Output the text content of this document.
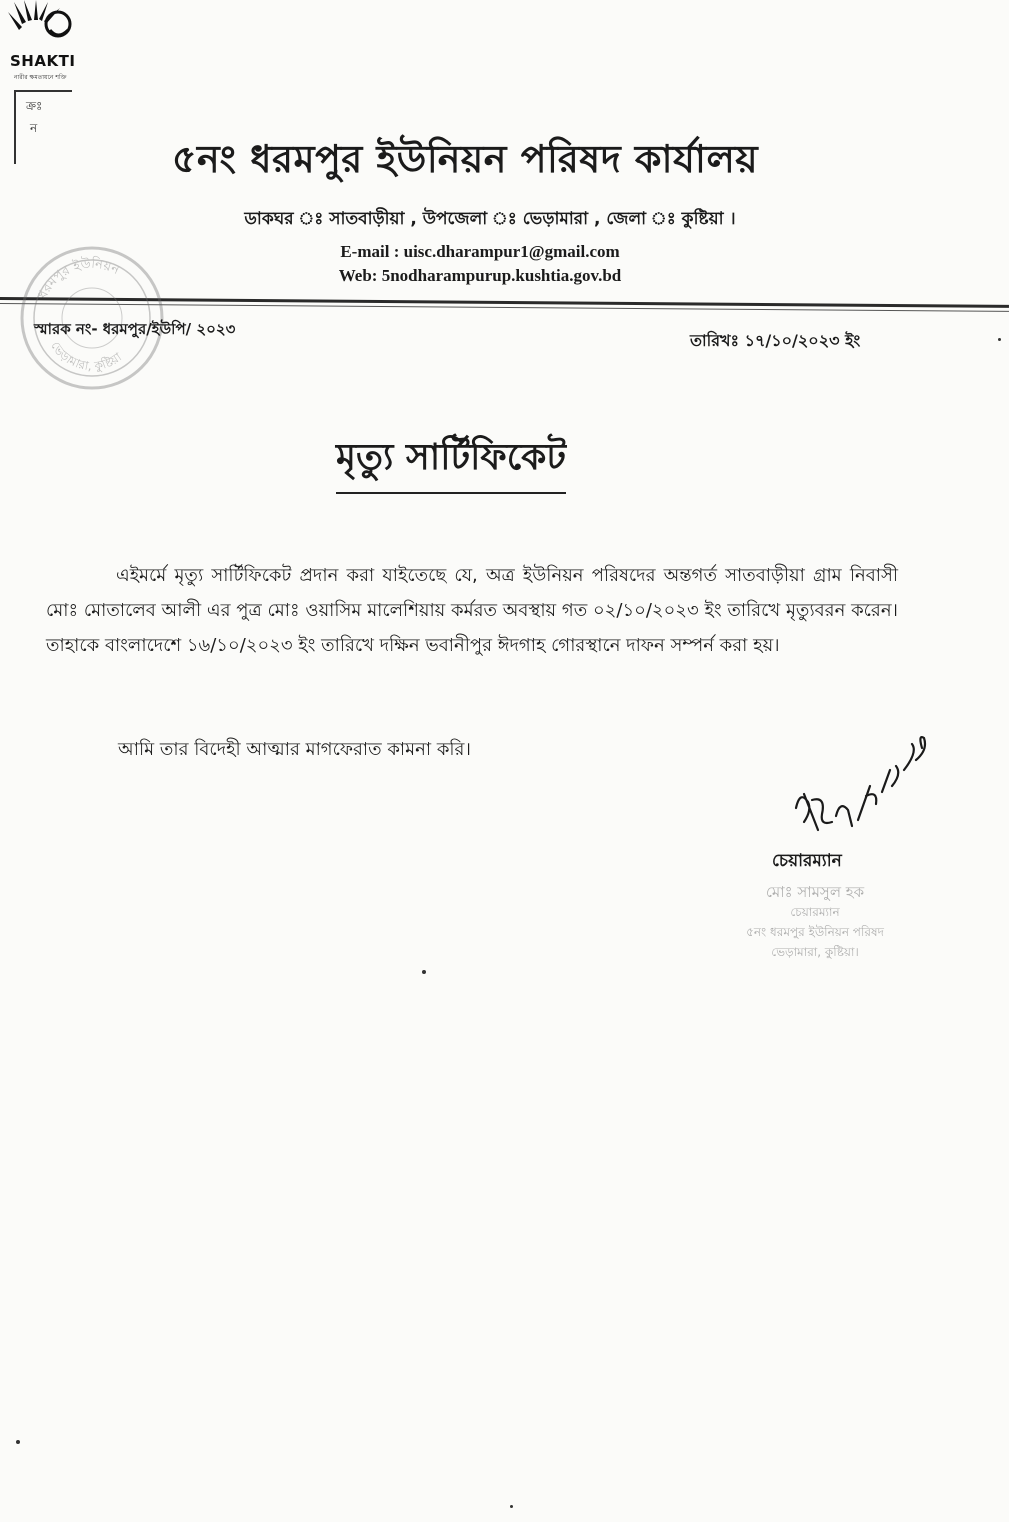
SHAKTI
নারীর ক্ষমতায়নে শক্তি
ক্রঃ
ন
৫নং ধরমপুর ইউনিয়ন পরিষদ কার্যালয়
ডাকঘর ঃ সাতবাড়ীয়া , উপজেলা ঃ ভেড়ামারা , জেলা ঃ কুষ্টিয়া ।
E-mail : uisc.dharampur1@gmail.com
Web: 5nodharampurup.kushtia.gov.bd
ধরমপুর ইউনিয়ন
ভেড়ামারা, কুষ্টিয়া
স্মারক নং- ধরমপুর/ইউপি/ ২০২৩
তারিখঃ ১৭/১০/২০২৩ ইং
মৃত্যু সার্টিফিকেট
এইমর্মে মৃত্যু সার্টিফিকেট প্রদান করা যাইতেছে যে, অত্র ইউনিয়ন পরিষদের অন্তগর্ত সাতবাড়ীয়া গ্রাম নিবাসী মোঃ মোতালেব আলী এর পুত্র মোঃ ওয়াসিম মালেশিয়ায় কর্মরত অবস্থায় গত ০২/১০/২০২৩ ইং তারিখে মৃত্যুবরন করেন। তাহাকে বাংলাদেশে ১৬/১০/২০২৩ ইং তারিখে দক্ষিন ভবানীপুর ঈদগাহ গোরস্থানে দাফন সম্পর্ন করা হয়।
আমি তার বিদেহী আত্মার মাগফেরাত কামনা করি।
চেয়ারম্যান
মোঃ সামসুল হক
চেয়ারম্যান
৫নং ধরমপুর ইউনিয়ন পরিষদ
ভেড়ামারা, কুষ্টিয়া।
